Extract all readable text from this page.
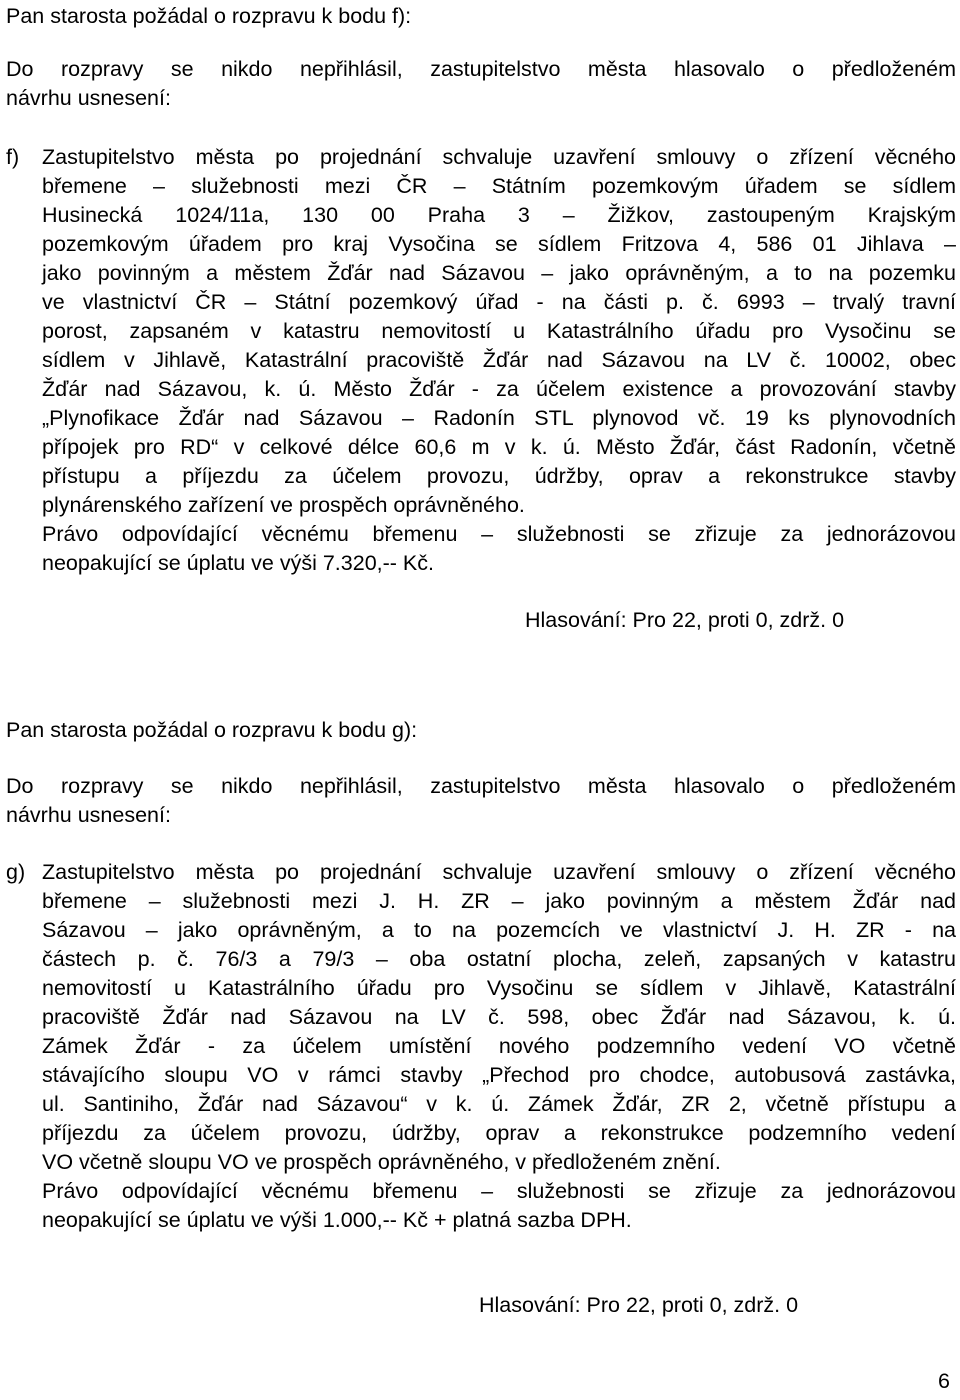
Pan starosta požádal o rozpravu k bodu f):
Do rozpravy se nikdo nepřihlásil, zastupitelstvo města hlasovalo o předloženém
návrhu usnesení:
f) Zastupitelstvo města po projednání schvaluje uzavření smlouvy o zřízení věcného
břemene – služebnosti mezi ČR – Státním pozemkovým úřadem se sídlem
Husinecká 1024/11a, 130 00 Praha 3 – Žižkov, zastoupeným Krajským
pozemkovým úřadem pro kraj Vysočina se sídlem Fritzova 4, 586 01 Jihlava –
jako povinným a městem Žďár nad Sázavou – jako oprávněným, a to na pozemku
ve vlastnictví ČR – Státní pozemkový úřad - na části p. č. 6993 – trvalý travní
porost, zapsaném v katastru nemovitostí u Katastrálního úřadu pro Vysočinu se
sídlem v Jihlavě, Katastrální pracoviště Žďár nad Sázavou na LV č. 10002, obec
Žďár nad Sázavou, k. ú. Město Žďár - za účelem existence a provozování stavby
„Plynofikace Žďár nad Sázavou – Radonín STL plynovod vč. 19 ks plynovodních
přípojek pro RD“ v celkové délce 60,6 m v k. ú. Město Žďár, část Radonín, včetně
přístupu a příjezdu za účelem provozu, údržby, oprav a rekonstrukce stavby
plynárenského zařízení ve prospěch oprávněného.
Právo odpovídající věcnému břemenu – služebnosti se zřizuje za jednorázovou
neopakující se úplatu ve výši 7.320,-- Kč.
Hlasování: Pro 22, proti 0, zdrž. 0
Pan starosta požádal o rozpravu k bodu g):
Do rozpravy se nikdo nepřihlásil, zastupitelstvo města hlasovalo o předloženém
návrhu usnesení:
g) Zastupitelstvo města po projednání schvaluje uzavření smlouvy o zřízení věcného
břemene – služebnosti mezi J. H. ZR – jako povinným a městem Žďár nad
Sázavou – jako oprávněným, a to na pozemcích ve vlastnictví J. H. ZR - na
částech p. č. 76/3 a 79/3 – oba ostatní plocha, zeleň, zapsaných v katastru
nemovitostí u Katastrálního úřadu pro Vysočinu se sídlem v Jihlavě, Katastrální
pracoviště Žďár nad Sázavou na LV č. 598, obec Žďár nad Sázavou, k. ú.
Zámek Žďár - za účelem umístění nového podzemního vedení VO včetně
stávajícího sloupu VO v rámci stavby „Přechod pro chodce, autobusová zastávka,
ul. Santiniho, Žďár nad Sázavou“ v k. ú. Zámek Žďár, ZR 2, včetně přístupu a
příjezdu za účelem provozu, údržby, oprav a rekonstrukce podzemního vedení
VO včetně sloupu VO ve prospěch oprávněného, v předloženém znění.
Právo odpovídající věcnému břemenu – služebnosti se zřizuje za jednorázovou
neopakující se úplatu ve výši 1.000,-- Kč + platná sazba DPH.
Hlasování: Pro 22, proti 0, zdrž. 0
6
